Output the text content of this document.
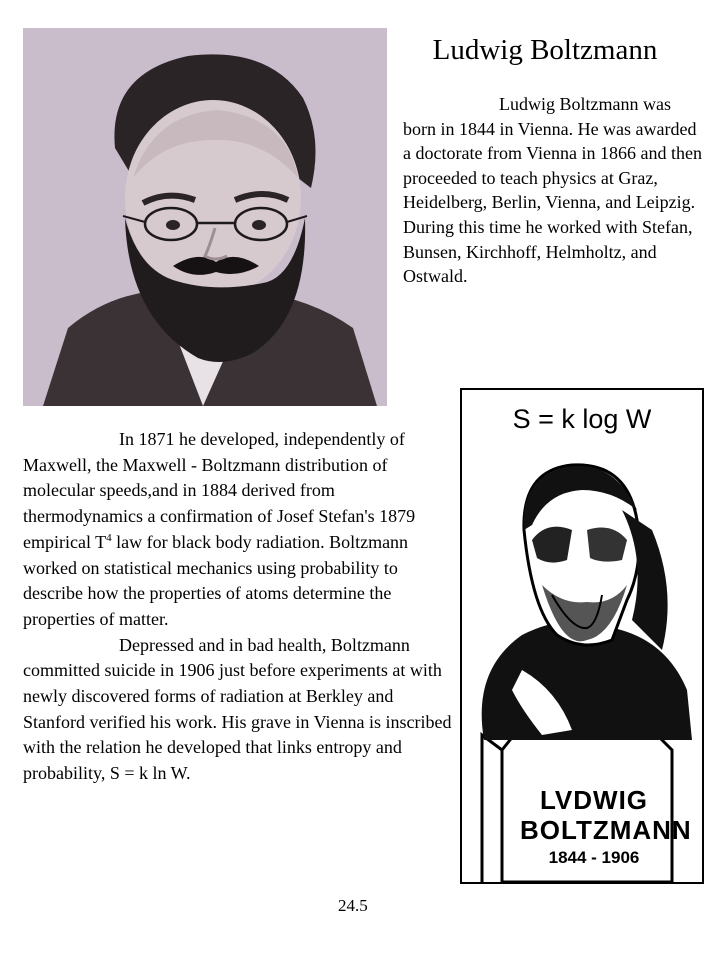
Ludwig Boltzmann

Ludwig Boltzmann was born in 1844 in Vienna. He was awarded a doctorate from Vienna in 1866 and then proceeded to teach physics at Graz, Heidelberg, Berlin, Vienna, and Leipzig. During this time he worked with Stefan, Bunsen, Kirchhoff, Helmholtz, and Ostwald.

In 1871 he developed, independently of Maxwell, the Maxwell - Boltzmann distribution of molecular speeds,and in 1884 derived from thermodynamics a confirmation of Josef Stefan's 1879 empirical $T^4$ law for black body radiation. Boltzmann worked on statistical mechanics using probability to describe how the properties of atoms determine the properties of matter.

Depressed and in bad health, Boltzmann committed suicide in 1906 just before experiments at with newly discovered forms of radiation at Berkley and Stanford verified his work. His grave in Vienna is inscribed with the relation he developed that links entropy and probability, S = k ln W.

S = k log W
LVDWIG
BOLTZMANN
1844 - 1906
24.5
